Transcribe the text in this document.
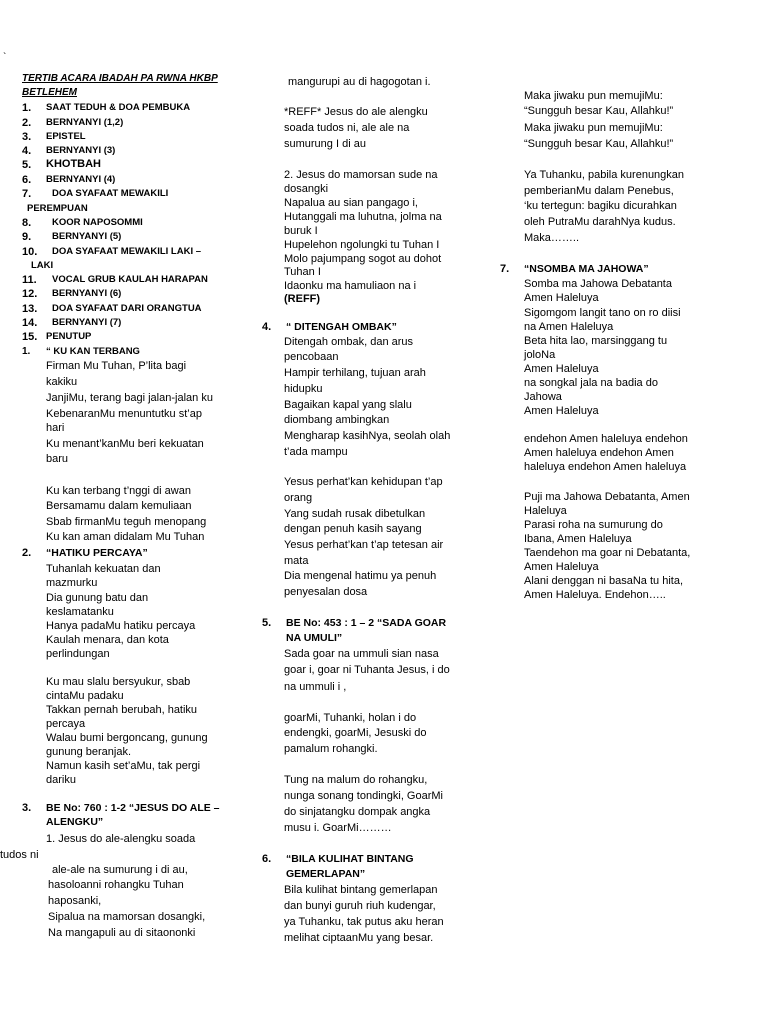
`
TERTIB ACARA IBADAH PA RWNA HKBP
BETLEHEM
1. SAAT TEDUH & DOA PEMBUKA
2. BERNYANYI (1,2)
3. EPISTEL
4. BERNYANYI (3)
5. KHOTBAH
6. BERNYANYI (4)
7. DOA SYAFAAT MEWAKILI
PEREMPUAN
8. KOOR NAPOSOMMI
9. BERNYANYI (5)
10. DOA SYAFAAT MEWAKILI LAKI –
LAKI
11. VOCAL GRUB KAULAH HARAPAN
12. BERNYANYI (6)
13. DOA SYAFAAT DARI ORANGTUA
14. BERNYANYI (7)
15. PENUTUP
1. “ KU KAN TERBANG
Firman Mu Tuhan, P’lita bagi
kakiku
JanjiMu, terang bagi jalan-jalan ku
KebenaranMu menuntutku st’ap
hari
Ku menant’kanMu beri kekuatan
baru
Ku kan terbang t’nggi di awan
Bersamamu dalam kemuliaan
Sbab firmanMu teguh menopang
Ku kan aman didalam Mu Tuhan
2. “HATIKU PERCAYA”
Tuhanlah kekuatan dan
mazmurku
Dia gunung batu dan
keslamatanku
Hanya padaMu hatiku percaya
Kaulah menara, dan kota
perlindungan
Ku mau slalu bersyukur, sbab
cintaMu padaku
Takkan pernah berubah, hatiku
percaya
Walau bumi bergoncang, gunung
gunung beranjak.
Namun kasih set’aMu, tak pergi
dariku
3. BE No: 760 : 1-2 “JESUS DO ALE –
ALENGKU”
1. Jesus do ale-alengku soada
tudos ni
ale-ale na sumurung i di au,
hasoloanni rohangku Tuhan
haposanki,
Sipalua na mamorsan dosangki,
Na mangapuli au di sitaononki
mangurupi au di hagogotan i.
*REFF* Jesus do ale alengku
soada tudos ni, ale ale na
sumurung I di au
2. Jesus do mamorsan sude na
dosangki
Napalua au sian pangago i,
Hutanggali ma luhutna, jolma na
buruk I
Hupelehon ngolungki tu Tuhan I
Molo pajumpang sogot au dohot
Tuhan I
Idaonku ma hamuliaon na i
(REFF)
4. “ DITENGAH OMBAK”
Ditengah ombak, dan arus
pencobaan
Hampir terhilang, tujuan arah
hidupku
Bagaikan kapal yang slalu
diombang ambingkan
Mengharap kasihNya, seolah olah
t’ada mampu
Yesus perhat’kan kehidupan t’ap
orang
Yang sudah rusak dibetulkan
dengan penuh kasih sayang
Yesus perhat’kan t’ap tetesan air
mata
Dia mengenal hatimu ya penuh
penyesalan dosa
5. BE No: 453 : 1 – 2 “SADA GOAR
NA UMULI”
Sada goar na ummuli sian nasa
goar i, goar ni Tuhanta Jesus, i do
na ummuli i ,
goarMi, Tuhanki, holan i do
endengki, goarMi, Jesuski do
pamalum rohangki.
Tung na malum do rohangku,
nunga sonang tondingki, GoarMi
do sinjatangku dompak angka
musu i. GoarMi………
6. “BILA KULIHAT BINTANG
GEMERLAPAN”
Bila kulihat bintang gemerlapan
dan bunyi guruh riuh kudengar,
ya Tuhanku, tak putus aku heran
melihat ciptaanMu yang besar.
Maka jiwaku pun memujiMu:
“Sungguh besar Kau, Allahku!”
Maka jiwaku pun memujiMu:
“Sungguh besar Kau, Allahku!”
Ya Tuhanku, pabila kurenungkan
pemberianMu dalam Penebus,
‘ku tertegun: bagiku dicurahkan
oleh PutraMu darahNya kudus.
Maka……..
7. “NSOMBA MA JAHOWA”
Somba ma Jahowa Debatanta
Amen Haleluya
Sigomgom langit tano on ro diisi
na Amen Haleluya
Beta hita lao, marsinggang tu
joloNa
Amen Haleluya
na songkal jala na badia do
Jahowa
Amen Haleluya
endehon Amen haleluya endehon
Amen haleluya endehon Amen
haleluya endehon Amen haleluya
Puji ma Jahowa Debatanta, Amen
Haleluya
Parasi roha na sumurung do
Ibana, Amen Haleluya
Taendehon ma goar ni Debatanta,
Amen Haleluya
Alani denggan ni basaNa tu hita,
Amen Haleluya. Endehon…..
